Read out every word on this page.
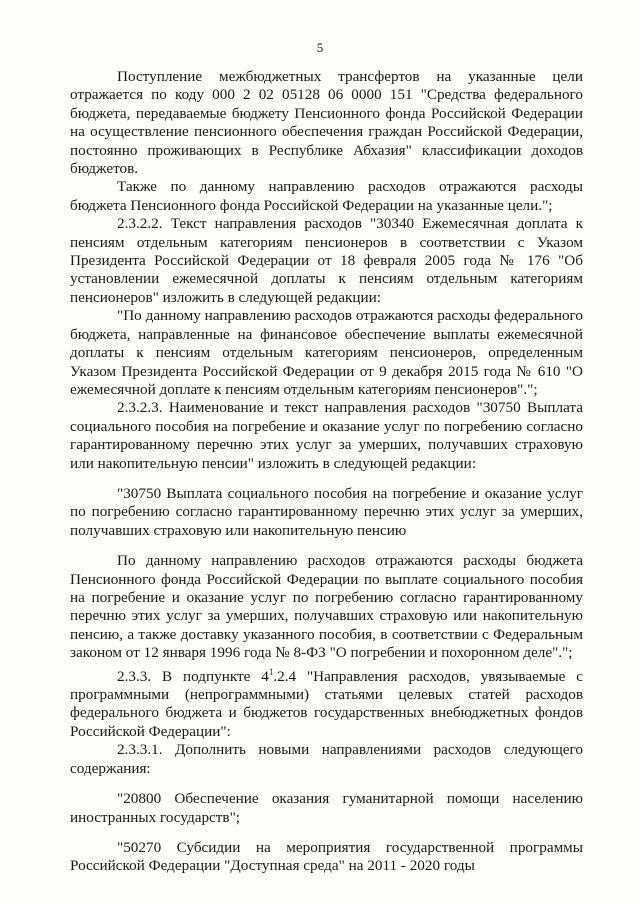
5

Поступление межбюджетных трансфертов на указанные цели отражается по коду 000 2 02 05128 06 0000 151 "Средства федерального бюджета, передаваемые бюджету Пенсионного фонда Российской Федерации на осуществление пенсионного обеспечения граждан Российской Федерации, постоянно проживающих в Республике Абхазия" классификации доходов бюджетов.

Также по данному направлению расходов отражаются расходы бюджета Пенсионного фонда Российской Федерации на указанные цели.";

2.3.2.2. Текст направления расходов "30340 Ежемесячная доплата к пенсиям отдельным категориям пенсионеров в соответствии с Указом Президента Российской Федерации от 18 февраля 2005 года № 176 "Об установлении ежемесячной доплаты к пенсиям отдельным категориям пенсионеров" изложить в следующей редакции:

"По данному направлению расходов отражаются расходы федерального бюджета, направленные на финансовое обеспечение выплаты ежемесячной доплаты к пенсиям отдельным категориям пенсионеров, определенным Указом Президента Российской Федерации от 9 декабря 2015 года № 610 "О ежемесячной доплате к пенсиям отдельным категориям пенсионеров".";

2.3.2.3. Наименование и текст направления расходов "30750 Выплата социального пособия на погребение и оказание услуг по погребению согласно гарантированному перечню этих услуг за умерших, получавших страховую или накопительную пенсии" изложить в следующей редакции:

"30750 Выплата социального пособия на погребение и оказание услуг по погребению согласно гарантированному перечню этих услуг за умерших, получавших страховую или накопительную пенсию

По данному направлению расходов отражаются расходы бюджета Пенсионного фонда Российской Федерации по выплате социального пособия на погребение и оказание услуг по погребению согласно гарантированному перечню этих услуг за умерших, получавших страховую или накопительную пенсию, а также доставку указанного пособия, в соответствии с Федеральным законом от 12 января 1996 года № 8-ФЗ "О погребении и похоронном деле".";

2.3.3. В подпункте $4^1.2.4$ "Направления расходов, увязываемые с программными (непрограммными) статьями целевых статей расходов федерального бюджета и бюджетов государственных внебюджетных фондов Российской Федерации":

2.3.3.1. Дополнить новыми направлениями расходов следующего содержания:

"20800 Обеспечение оказания гуманитарной помощи населению иностранных государств";

"50270 Субсидии на мероприятия государственной программы Российской Федерации "Доступная среда" на 2011 - 2020 годы
